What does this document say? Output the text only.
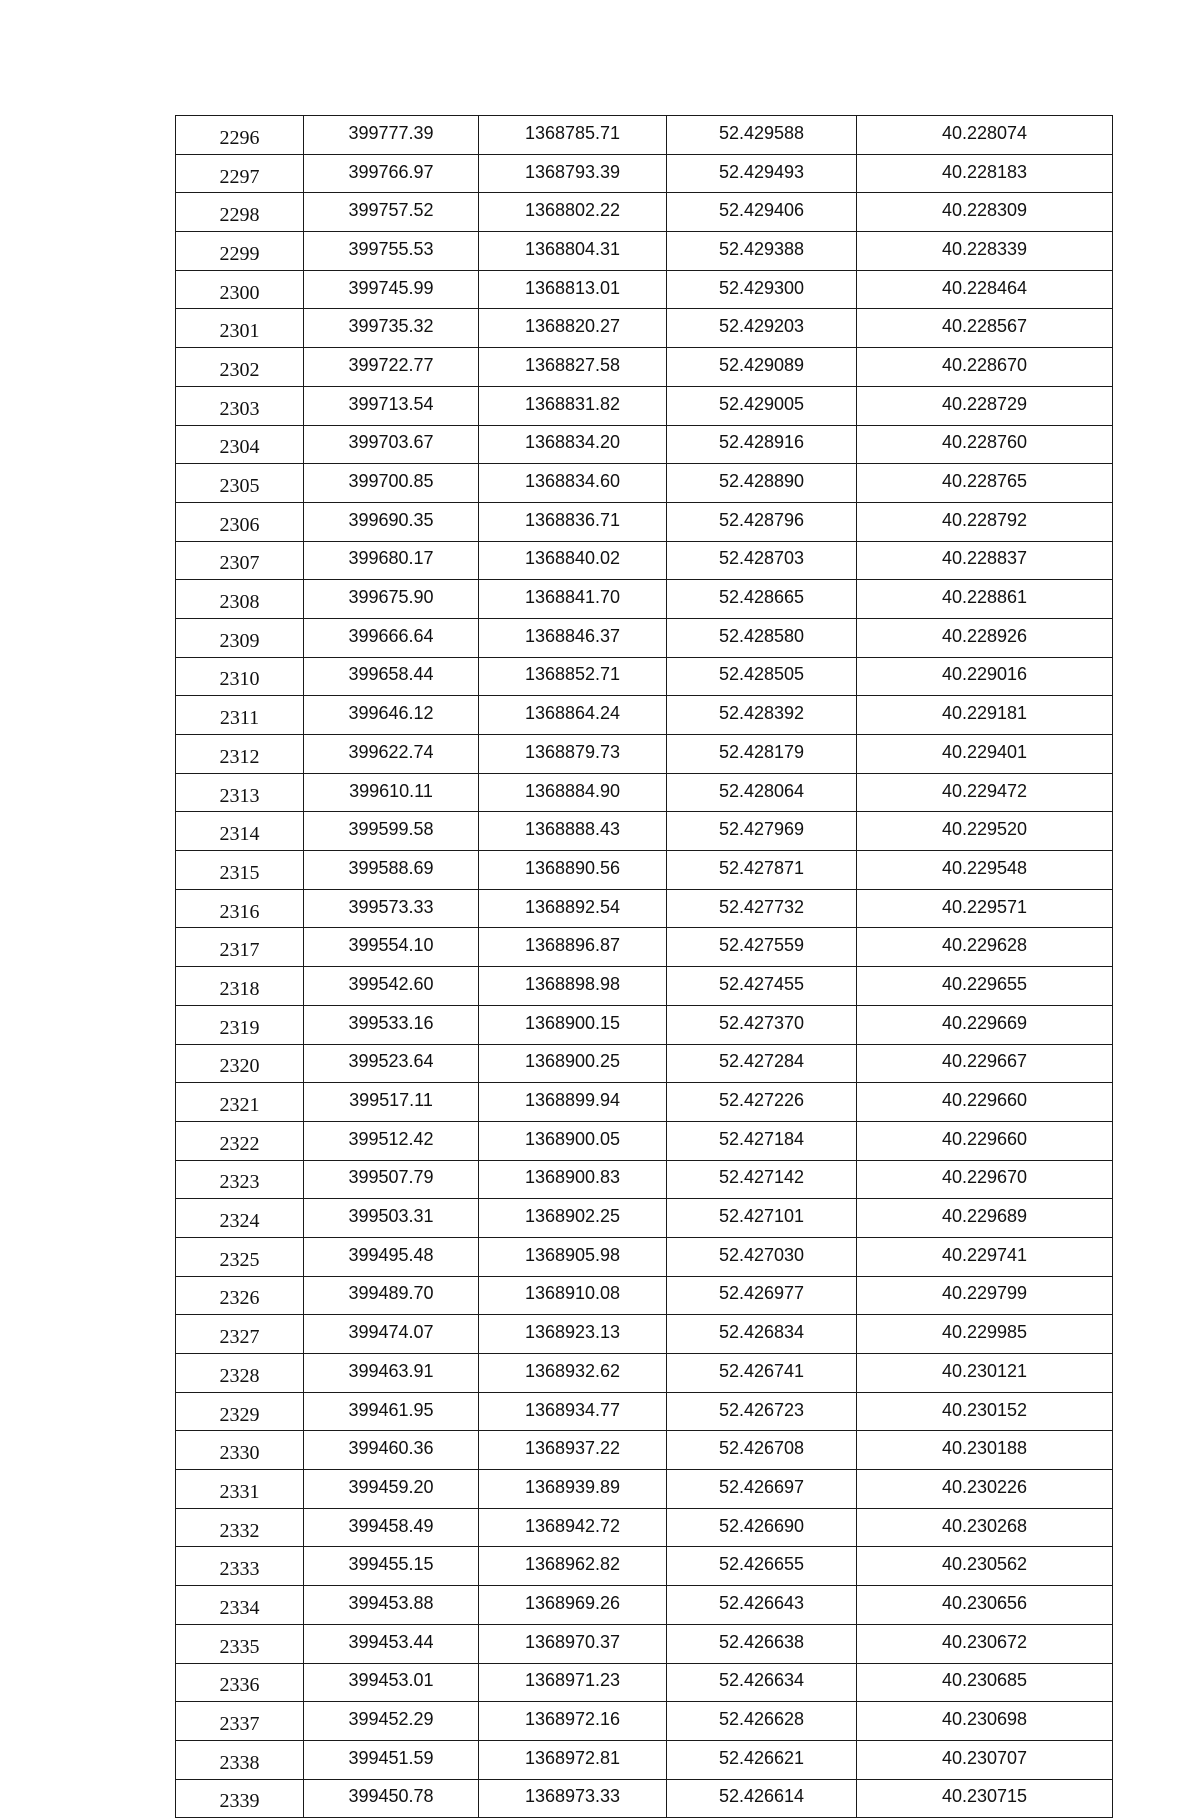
2296	399777.39	1368785.71	52.429588	40.228074
2297	399766.97	1368793.39	52.429493	40.228183
2298	399757.52	1368802.22	52.429406	40.228309
2299	399755.53	1368804.31	52.429388	40.228339
2300	399745.99	1368813.01	52.429300	40.228464
2301	399735.32	1368820.27	52.429203	40.228567
2302	399722.77	1368827.58	52.429089	40.228670
2303	399713.54	1368831.82	52.429005	40.228729
2304	399703.67	1368834.20	52.428916	40.228760
2305	399700.85	1368834.60	52.428890	40.228765
2306	399690.35	1368836.71	52.428796	40.228792
2307	399680.17	1368840.02	52.428703	40.228837
2308	399675.90	1368841.70	52.428665	40.228861
2309	399666.64	1368846.37	52.428580	40.228926
2310	399658.44	1368852.71	52.428505	40.229016
2311	399646.12	1368864.24	52.428392	40.229181
2312	399622.74	1368879.73	52.428179	40.229401
2313	399610.11	1368884.90	52.428064	40.229472
2314	399599.58	1368888.43	52.427969	40.229520
2315	399588.69	1368890.56	52.427871	40.229548
2316	399573.33	1368892.54	52.427732	40.229571
2317	399554.10	1368896.87	52.427559	40.229628
2318	399542.60	1368898.98	52.427455	40.229655
2319	399533.16	1368900.15	52.427370	40.229669
2320	399523.64	1368900.25	52.427284	40.229667
2321	399517.11	1368899.94	52.427226	40.229660
2322	399512.42	1368900.05	52.427184	40.229660
2323	399507.79	1368900.83	52.427142	40.229670
2324	399503.31	1368902.25	52.427101	40.229689
2325	399495.48	1368905.98	52.427030	40.229741
2326	399489.70	1368910.08	52.426977	40.229799
2327	399474.07	1368923.13	52.426834	40.229985
2328	399463.91	1368932.62	52.426741	40.230121
2329	399461.95	1368934.77	52.426723	40.230152
2330	399460.36	1368937.22	52.426708	40.230188
2331	399459.20	1368939.89	52.426697	40.230226
2332	399458.49	1368942.72	52.426690	40.230268
2333	399455.15	1368962.82	52.426655	40.230562
2334	399453.88	1368969.26	52.426643	40.230656
2335	399453.44	1368970.37	52.426638	40.230672
2336	399453.01	1368971.23	52.426634	40.230685
2337	399452.29	1368972.16	52.426628	40.230698
2338	399451.59	1368972.81	52.426621	40.230707
2339	399450.78	1368973.33	52.426614	40.230715
